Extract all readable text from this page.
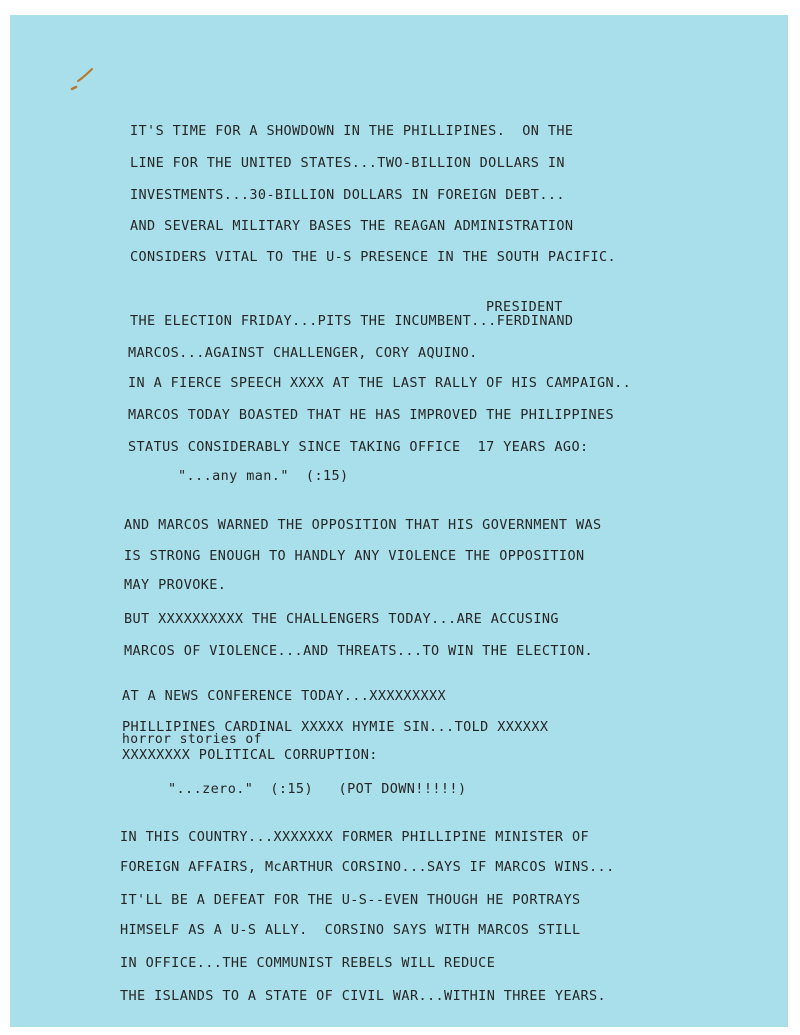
IT'S TIME FOR A SHOWDOWN IN THE PHILLIPINES.  ON THE

LINE FOR THE UNITED STATES...TWO-BILLION DOLLARS IN

INVESTMENTS...30-BILLION DOLLARS IN FOREIGN DEBT...

AND SEVERAL MILITARY BASES THE REAGAN ADMINISTRATION

CONSIDERS VITAL TO THE U-S PRESENCE IN THE SOUTH PACIFIC.

PRESIDENT

THE ELECTION FRIDAY...PITS THE INCUMBENT...FERDINAND

MARCOS...AGAINST CHALLENGER, CORY AQUINO.

IN A FIERCE SPEECH XXXX AT THE LAST RALLY OF HIS CAMPAIGN..

MARCOS TODAY BOASTED THAT HE HAS IMPROVED THE PHILIPPINES

STATUS CONSIDERABLY SINCE TAKING OFFICE  17 YEARS AGO:

"...any man."  (:15)

AND MARCOS WARNED THE OPPOSITION THAT HIS GOVERNMENT WAS

IS STRONG ENOUGH TO HANDLY ANY VIOLENCE THE OPPOSITION

MAY PROVOKE.

BUT XXXXXXXXXX THE CHALLENGERS TODAY...ARE ACCUSING

MARCOS OF VIOLENCE...AND THREATS...TO WIN THE ELECTION.

AT A NEWS CONFERENCE TODAY...XXXXXXXXX

PHILLIPINES CARDINAL XXXXX HYMIE SIN...TOLD XXXXXX

horror stories of

XXXXXXXX POLITICAL CORRUPTION:

"...zero."  (:15)   (POT DOWN!!!!!)

IN THIS COUNTRY...XXXXXXX FORMER PHILLIPINE MINISTER OF

FOREIGN AFFAIRS, McARTHUR CORSINO...SAYS IF MARCOS WINS...

IT'LL BE A DEFEAT FOR THE U-S--EVEN THOUGH HE PORTRAYS

HIMSELF AS A U-S ALLY.  CORSINO SAYS WITH MARCOS STILL

IN OFFICE...THE COMMUNIST REBELS WILL REDUCE

THE ISLANDS TO A STATE OF CIVIL WAR...WITHIN THREE YEARS.
